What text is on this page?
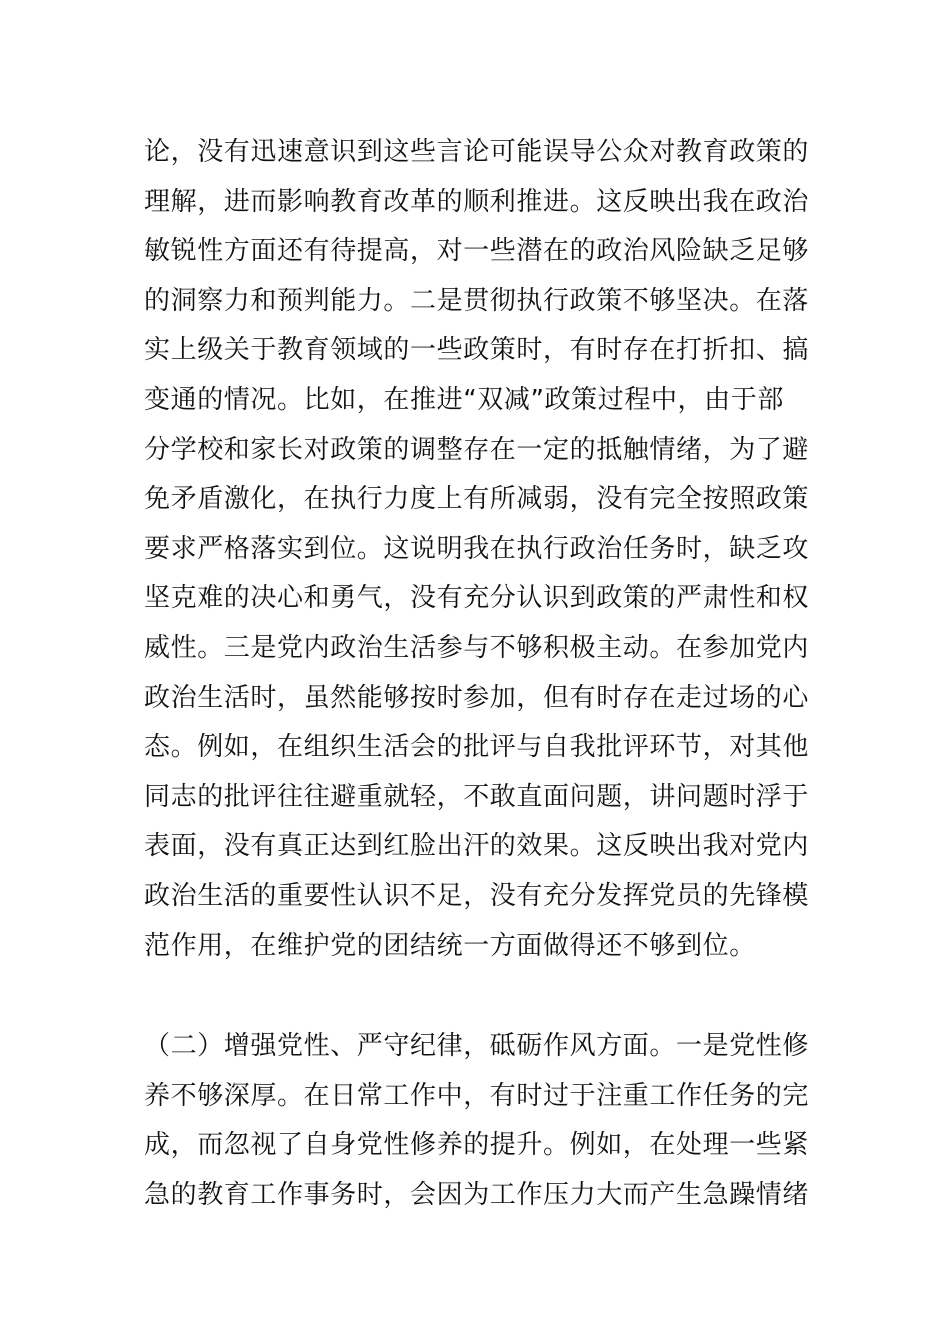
论，没有迅速意识到这些言论可能误导公众对教育政策的
理解，进而影响教育改革的顺利推进。这反映出我在政治
敏锐性方面还有待提高，对一些潜在的政治风险缺乏足够
的洞察力和预判能力。二是贯彻执行政策不够坚决。在落
实上级关于教育领域的一些政策时，有时存在打折扣、搞
变通的情况。比如，在推进“双减”政策过程中，由于部
分学校和家长对政策的调整存在一定的抵触情绪，为了避
免矛盾激化，在执行力度上有所减弱，没有完全按照政策
要求严格落实到位。这说明我在执行政治任务时，缺乏攻
坚克难的决心和勇气，没有充分认识到政策的严肃性和权
威性。三是党内政治生活参与不够积极主动。在参加党内
政治生活时，虽然能够按时参加，但有时存在走过场的心
态。例如，在组织生活会的批评与自我批评环节，对其他
同志的批评往往避重就轻，不敢直面问题，讲问题时浮于
表面，没有真正达到红脸出汗的效果。这反映出我对党内
政治生活的重要性认识不足，没有充分发挥党员的先锋模
范作用，在维护党的团结统一方面做得还不够到位。
（二）增强党性、严守纪律，砥砺作风方面。一是党性修
养不够深厚。在日常工作中，有时过于注重工作任务的完
成，而忽视了自身党性修养的提升。例如，在处理一些紧
急的教育工作事务时，会因为工作压力大而产生急躁情绪
